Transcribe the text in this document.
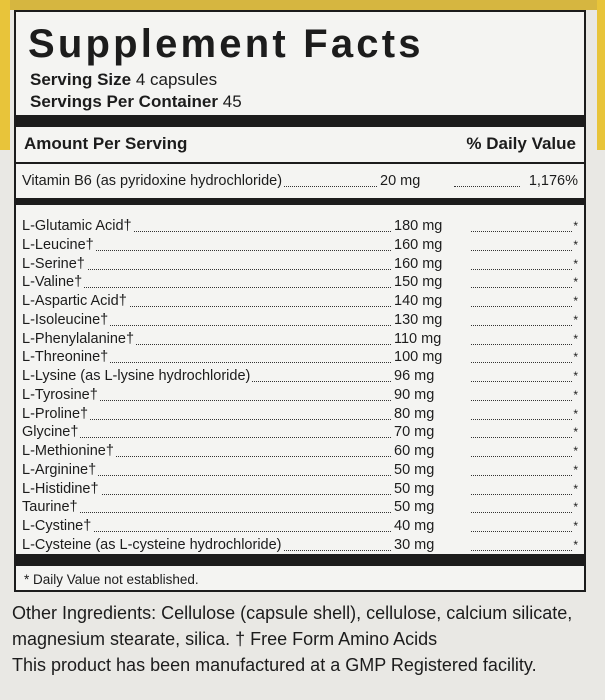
Supplement Facts
Serving Size 4 capsules
Servings Per Container 45
Amount Per Serving	% Daily Value
Vitamin B6 (as pyridoxine hydrochloride)	20 mg	1,176%
L-Glutamic Acid†	180 mg	*
L-Leucine†	160 mg	*
L-Serine†	160 mg	*
L-Valine†	150 mg	*
L-Aspartic Acid†	140 mg	*
L-Isoleucine†	130 mg	*
L-Phenylalanine†	110 mg	*
L-Threonine†	100 mg	*
L-Lysine (as L-lysine hydrochloride)	96 mg	*
L-Tyrosine†	90 mg	*
L-Proline†	80 mg	*
Glycine†	70 mg	*
L-Methionine†	60 mg	*
L-Arginine†	50 mg	*
L-Histidine†	50 mg	*
Taurine†	50 mg	*
L-Cystine†	40 mg	*
L-Cysteine (as L-cysteine hydrochloride)	30 mg	*
* Daily Value not established.
Other Ingredients: Cellulose (capsule shell), cellulose, calcium silicate, magnesium stearate, silica. † Free Form Amino Acids
This product has been manufactured at a GMP Registered facility.
